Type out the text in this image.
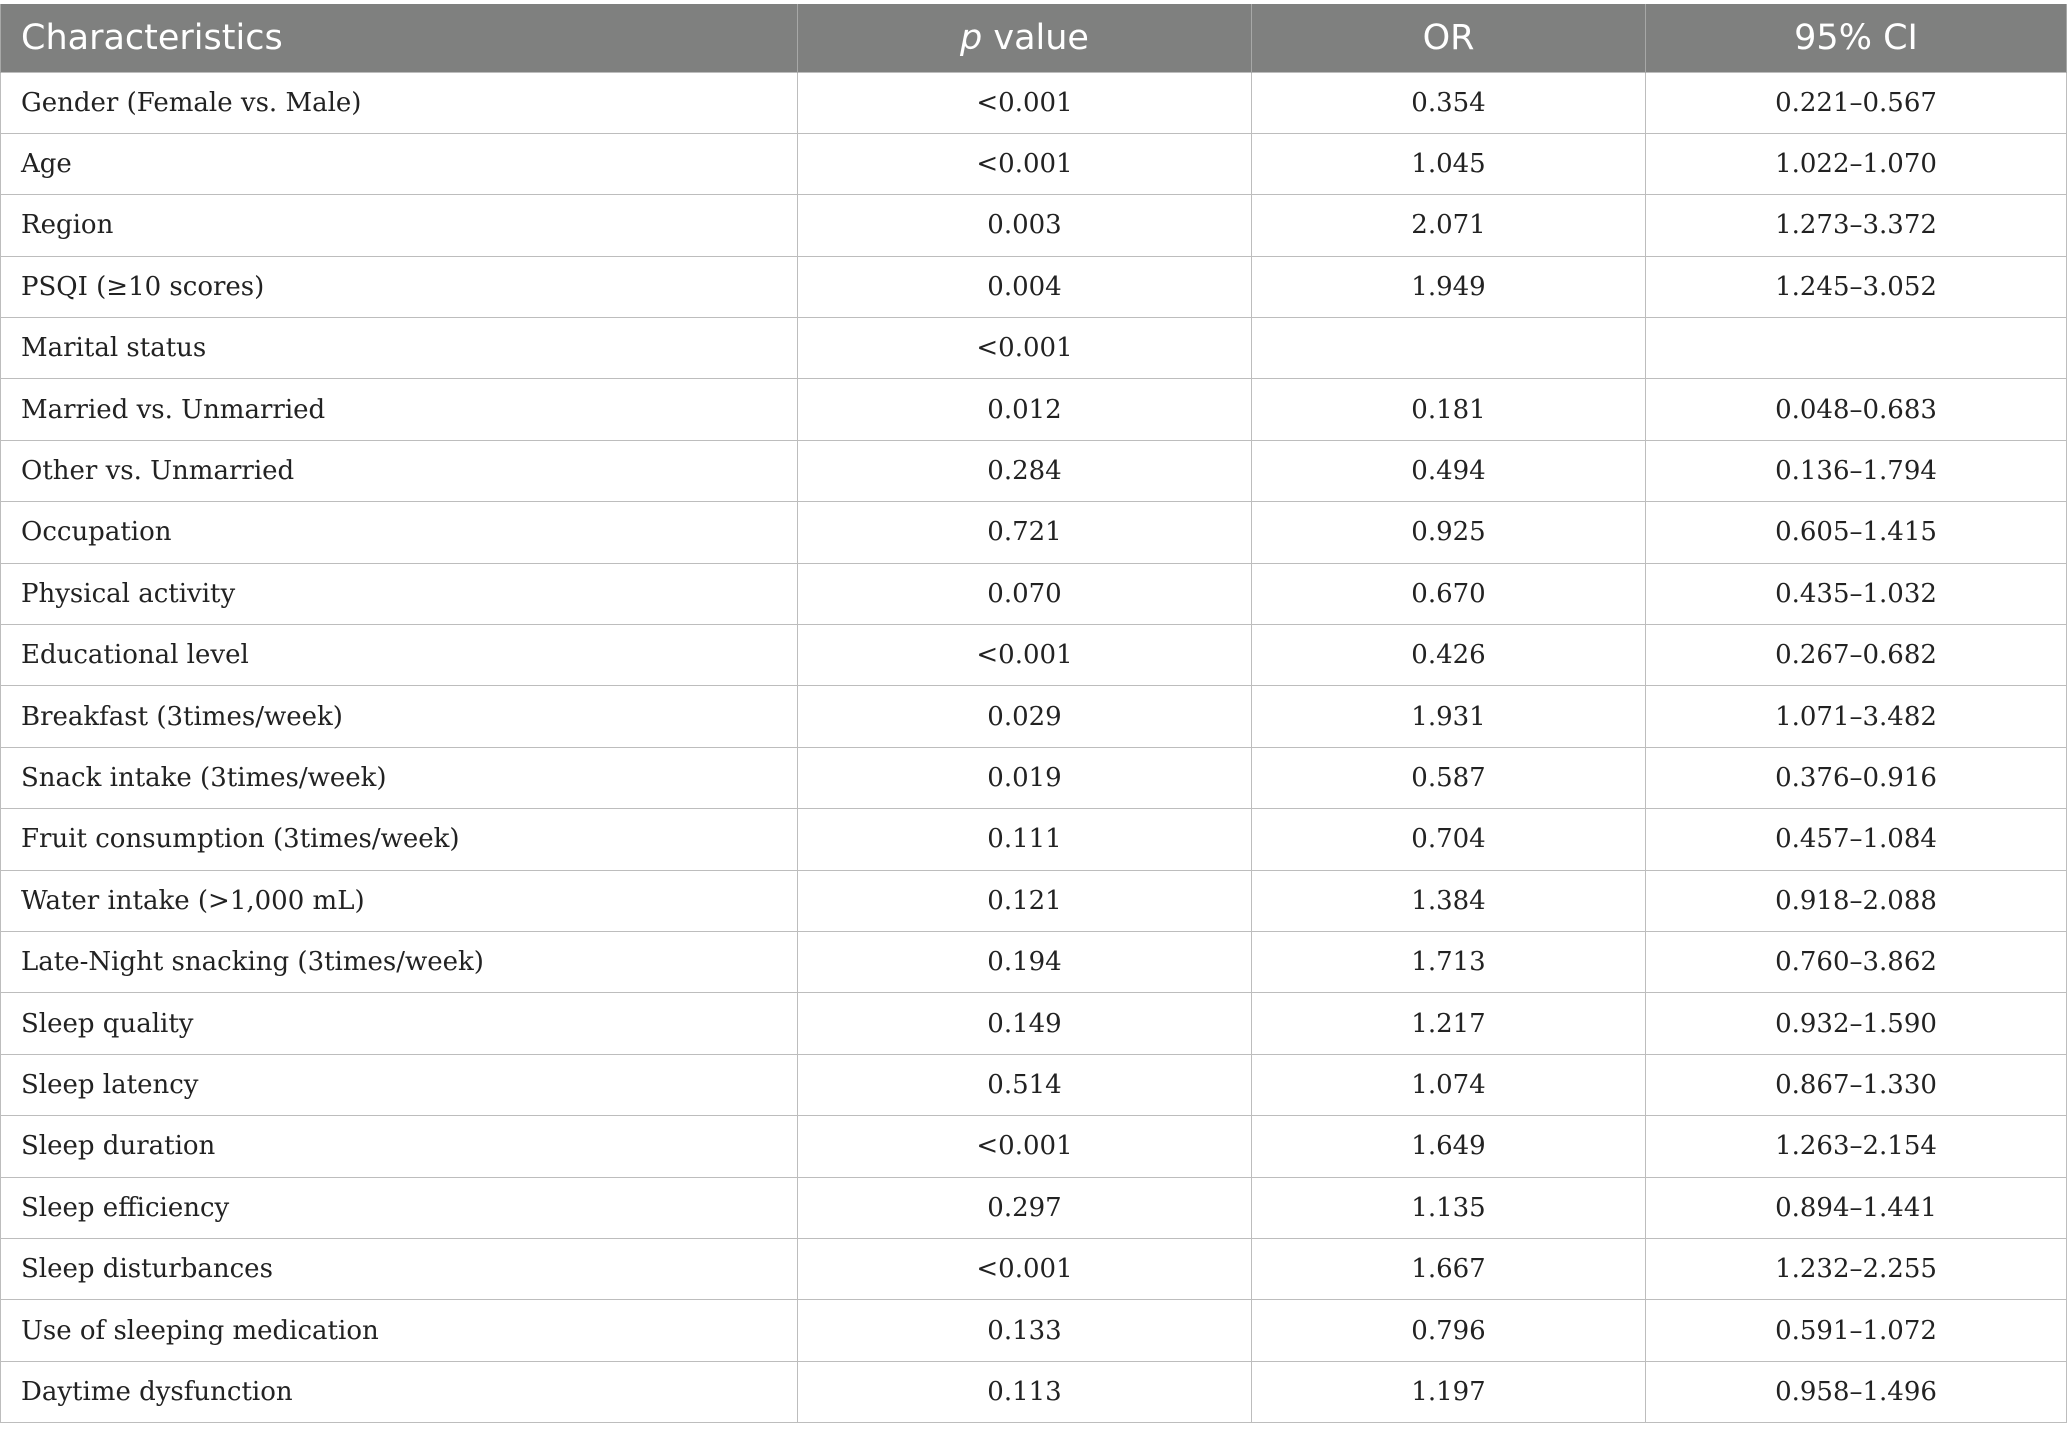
Characteristics	p value	OR	95% CI
Gender (Female vs. Male)	<0.001	0.354	0.221–0.567
Age	<0.001	1.045	1.022–1.070
Region	0.003	2.071	1.273–3.372
PSQI (≥10 scores)	0.004	1.949	1.245–3.052
Marital status	<0.001		
Married vs. Unmarried	0.012	0.181	0.048–0.683
Other vs. Unmarried	0.284	0.494	0.136–1.794
Occupation	0.721	0.925	0.605–1.415
Physical activity	0.070	0.670	0.435–1.032
Educational level	<0.001	0.426	0.267–0.682
Breakfast (3times/week)	0.029	1.931	1.071–3.482
Snack intake (3times/week)	0.019	0.587	0.376–0.916
Fruit consumption (3times/week)	0.111	0.704	0.457–1.084
Water intake (>1,000 mL)	0.121	1.384	0.918–2.088
Late-Night snacking (3times/week)	0.194	1.713	0.760–3.862
Sleep quality	0.149	1.217	0.932–1.590
Sleep latency	0.514	1.074	0.867–1.330
Sleep duration	<0.001	1.649	1.263–2.154
Sleep efficiency	0.297	1.135	0.894–1.441
Sleep disturbances	<0.001	1.667	1.232–2.255
Use of sleeping medication	0.133	0.796	0.591–1.072
Daytime dysfunction	0.113	1.197	0.958–1.496
